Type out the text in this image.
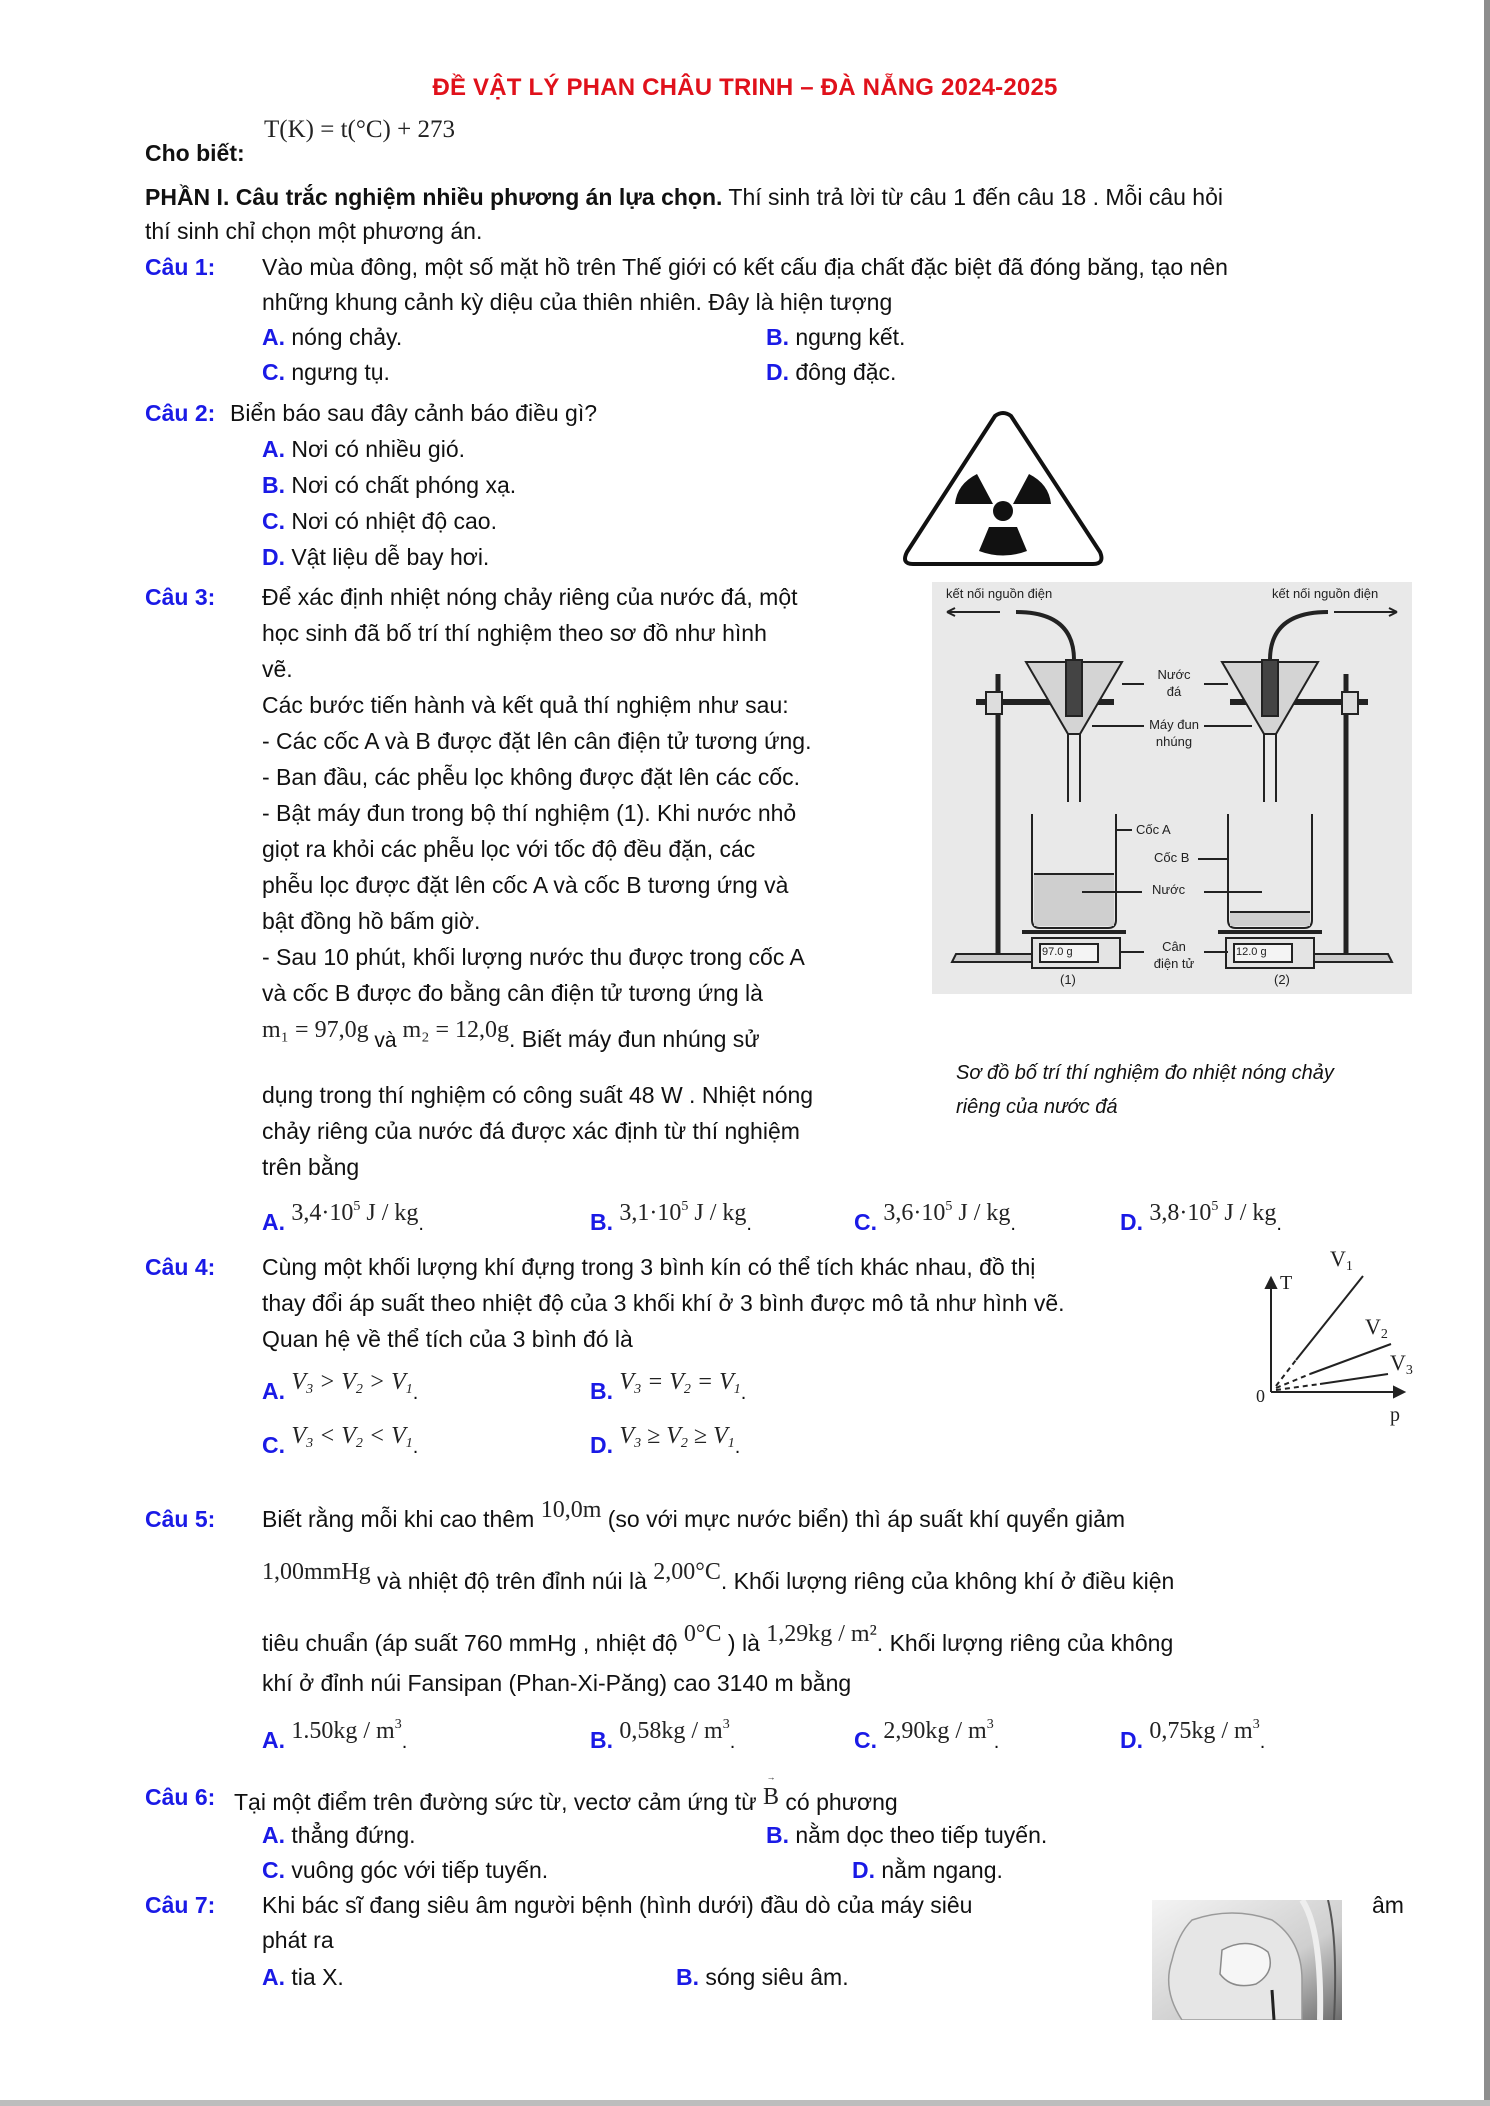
ĐỀ VẬT LÝ PHAN CHÂU TRINH – ĐÀ NẴNG 2024-2025
Cho biết:
T(K) = t(°C) + 273
PHẦN I. Câu trắc nghiệm nhiều phương án lựa chọn. Thí sinh trả lời từ câu 1 đến câu 18 . Mỗi câu hỏi
thí sinh chỉ chọn một phương án.
Câu 1: Vào mùa đông, một số mặt hồ trên Thế giới có kết cấu địa chất đặc biệt đã đóng băng, tạo nên
những khung cảnh kỳ diệu của thiên nhiên. Đây là hiện tượng
A. nóng chảy.	B. ngưng kết.
C. ngưng tụ.	D. đông đặc.
Câu 2: Biển báo sau đây cảnh báo điều gì?
A. Nơi có nhiều gió.
B. Nơi có chất phóng xạ.
C. Nơi có nhiệt độ cao.
D. Vật liệu dễ bay hơi.
Câu 3: Để xác định nhiệt nóng chảy riêng của nước đá, một
học sinh đã bố trí thí nghiệm theo sơ đồ như hình
vẽ.
Các bước tiến hành và kết quả thí nghiệm như sau:
- Các cốc A và B được đặt lên cân điện tử tương ứng.
- Ban đầu, các phễu lọc không được đặt lên các cốc.
- Bật máy đun trong bộ thí nghiệm (1). Khi nước nhỏ
giọt ra khỏi các phễu lọc với tốc độ đều đặn, các
phễu lọc được đặt lên cốc A và cốc B tương ứng và
bật đồng hồ bấm giờ.
- Sau 10 phút, khối lượng nước thu được trong cốc A
và cốc B được đo bằng cân điện tử tương ứng là
m₁ = 97,0g và m₂ = 12,0g. Biết máy đun nhúng sử
dụng trong thí nghiệm có công suất 48 W . Nhiệt nóng
chảy riêng của nước đá được xác định từ thí nghiệm
trên bằng
A. $3,4\cdot 10^5$ J / kg.	B. $3,1\cdot 10^5$ J / kg.	C. $3,6\cdot 10^5$ J / kg.	D. $3,8\cdot 10^5$ J / kg.
kết nối nguồn điện	kết nối nguồn điện
Nước
đá
Máy đun
nhúng
Cốc A
Cốc B
Nước
Cân
điện tử
97.0 g	12.0 g
(1)	(2)
Sơ đồ bố trí thí nghiệm đo nhiệt nóng chảy
riêng của nước đá
Câu 4: Cùng một khối lượng khí đựng trong 3 bình kín có thể tích khác nhau, đồ thị
thay đổi áp suất theo nhiệt độ của 3 khối khí ở 3 bình được mô tả như hình vẽ.
Quan hệ về thể tích của 3 bình đó là
A. $V_3 > V_2 > V_1$.	B. $V_3 = V_2 = V_1$.
C. $V_3 < V_2 < V_1$.	D. $V_3 \ge V_2 \ge V_1$.
T
$V_1$
$V_2$
$V_3$
0
p
Câu 5: Biết rằng mỗi khi cao thêm 10,0m (so với mực nước biển) thì áp suất khí quyển giảm
1,00mmHg và nhiệt độ trên đỉnh núi là 2,00°C. Khối lượng riêng của không khí ở điều kiện
tiêu chuẩn (áp suất 760 mmHg , nhiệt độ 0°C ) là 1,29kg / m². Khối lượng riêng của không
khí ở đỉnh núi Fansipan (Phan-Xi-Păng) cao 3140 m bằng
A. $1.50kg / m^3$.	B. $0,58kg / m^3$.	C. $2,90kg / m^3$.	D. $0,75kg / m^3$.
Câu 6: Tại một điểm trên đường sức từ, vectơ cảm ứng từ
→
B có phương
A. thẳng đứng.	B. nằm dọc theo tiếp tuyến.
C. vuông góc với tiếp tuyến.	D. nằm ngang.
Câu 7: Khi bác sĩ đang siêu âm người bệnh (hình dưới) đầu dò của máy siêu	âm
phát ra
A. tia X.	B. sóng siêu âm.
